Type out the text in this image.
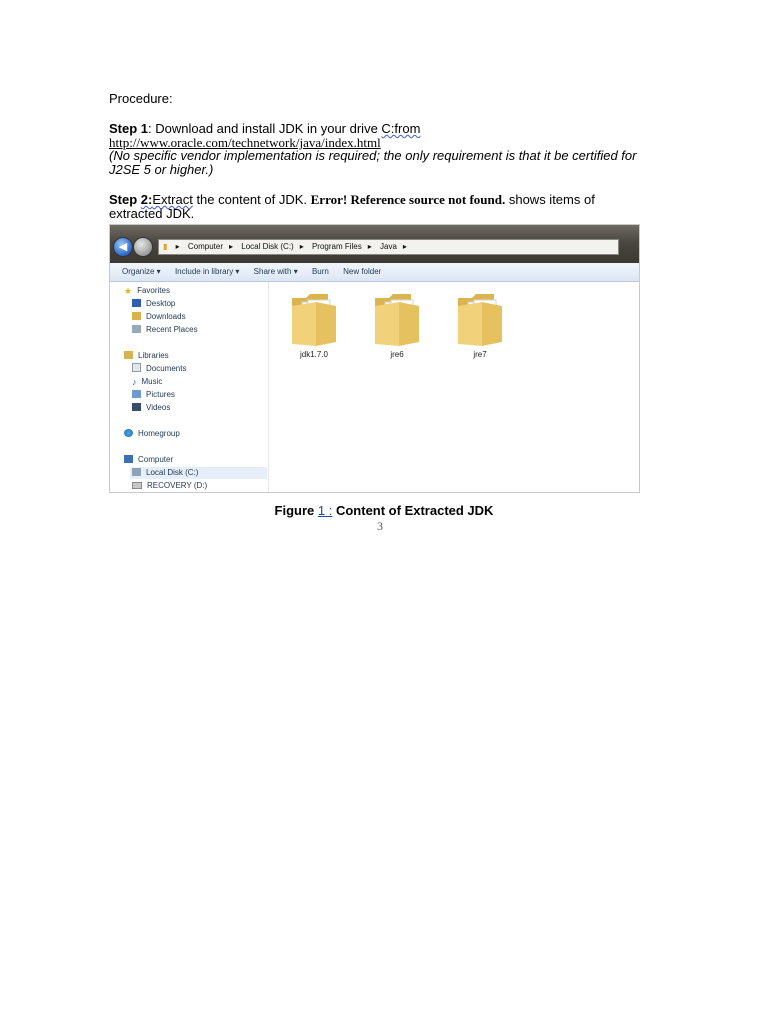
Procedure:

Step 1: Download and install JDK in your drive C:from

http://www.oracle.com/technetwork/java/index.html

(No specific vendor implementation is required; the only requirement is that it be certified for J2SE 5 or higher.)

Step 2:Extract the content of JDK. Error! Reference source not found. shows items of extracted JDK.

◀	▮ ▸ Computer ▸ Local Disk (C:) ▸ Program Files ▸ Java ▸
Organize ▾ Include in library ▾ Share with ▾ Burn New folder
★ Favorites
Desktop
Downloads
Recent Places
Libraries
Documents
♪ Music
Pictures
Videos
Homegroup
Computer
Local Disk (C:)
RECOVERY (D:)
jdk1.7.0	jre6	jre7
Figure 1 : Content of Extracted JDK
3
